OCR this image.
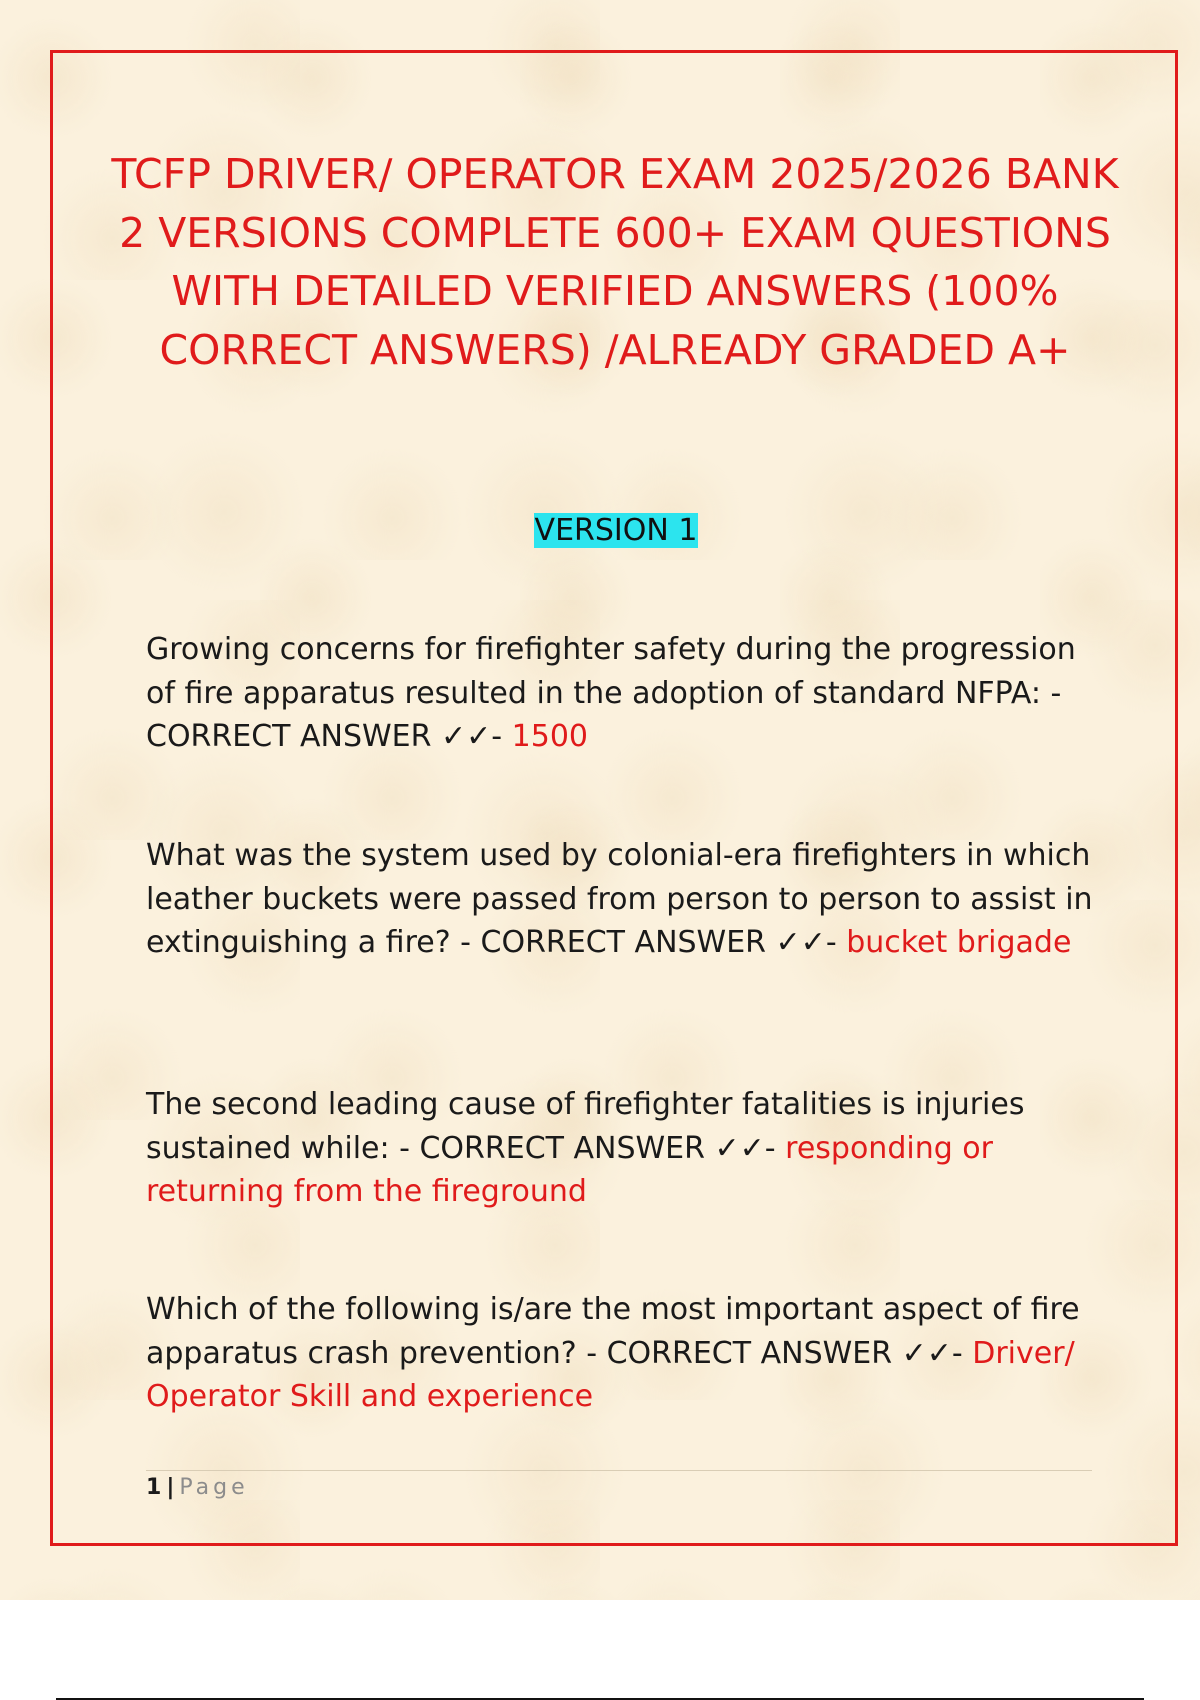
TCFP DRIVER/ OPERATOR EXAM 2025/2026 BANK 2 VERSIONS COMPLETE 600+ EXAM QUESTIONS WITH DETAILED VERIFIED ANSWERS (100% CORRECT ANSWERS) /ALREADY GRADED A+
VERSION 1

Growing concerns for firefighter safety during the progression of fire apparatus resulted in the adoption of standard NFPA: - CORRECT ANSWER ✓✓- 1500

What was the system used by colonial-era firefighters in which leather buckets were passed from person to person to assist in extinguishing a fire? - CORRECT ANSWER ✓✓- bucket brigade

The second leading cause of firefighter fatalities is injuries sustained while: - CORRECT ANSWER ✓✓- responding or returning from the fireground

Which of the following is/are the most important aspect of fire apparatus crash prevention? - CORRECT ANSWER ✓✓- Driver/ Operator Skill and experience

1 | Page
